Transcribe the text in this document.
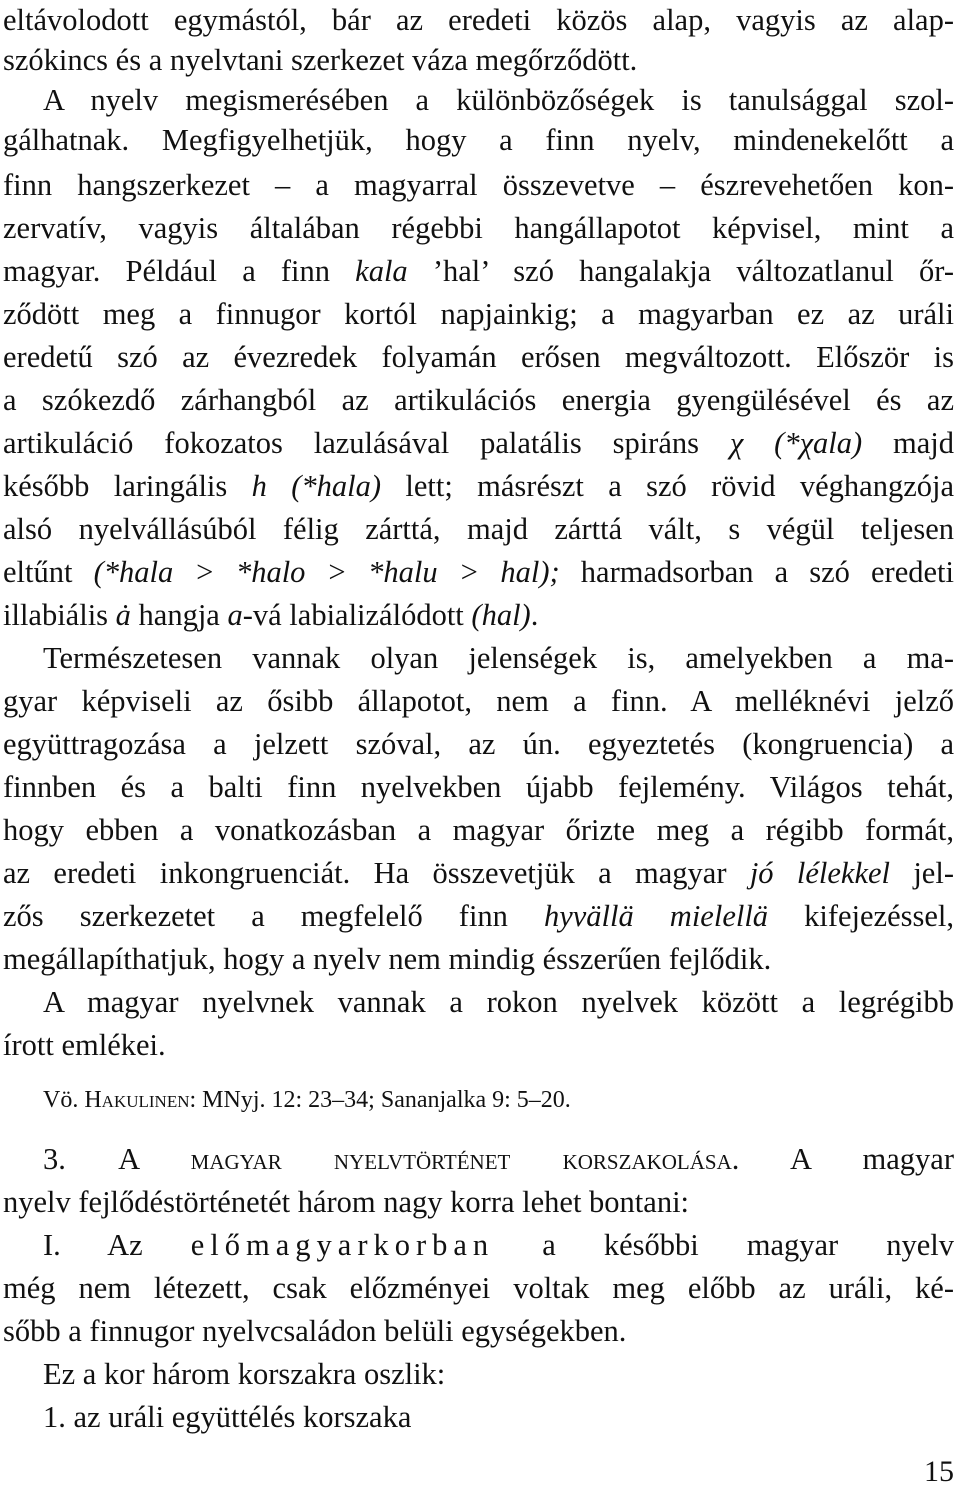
eltávolodott egymástól, bár az eredeti közös alap, vagyis az alap-
szókincs és a nyelvtani szerkezet váza megőrződött.
A nyelv megismerésében a különbözőségek is tanulsággal szol-
gálhatnak. Megfigyelhetjük, hogy a finn nyelv, mindenekelőtt a
finn hangszerkezet – a magyarral összevetve – észrevehetően kon-
zervatív, vagyis általában régebbi hangállapotot képvisel, mint a
magyar. Például a finn kala ’hal’ szó hangalakja változatlanul őr-
ződött meg a finnugor kortól napjainkig; a magyarban ez az uráli
eredetű szó az évezredek folyamán erősen megváltozott. Először is
a szókezdő zárhangból az artikulációs energia gyengülésével és az
artikuláció fokozatos lazulásával palatális spiráns χ (*χala) majd
később laringális h (*hala) lett; másrészt a szó rövid véghangzója
alsó nyelvállásúból félig zárttá, majd zárttá vált, s végül teljesen
eltűnt (*hala > *halo > *halu > hal); harmadsorban a szó eredeti
illabiális ȧ hangja a-vá labializálódott (hal).
Természetesen vannak olyan jelenségek is, amelyekben a ma-
gyar képviseli az ősibb állapotot, nem a finn. A melléknévi jelző
együttragozása a jelzett szóval, az ún. egyeztetés (kongruencia) a
finnben és a balti finn nyelvekben újabb fejlemény. Világos tehát,
hogy ebben a vonatkozásban a magyar őrizte meg a régibb formát,
az eredeti inkongruenciát. Ha összevetjük a magyar jó lélekkel jel-
zős szerkezetet a megfelelő finn hyvällä mielellä kifejezéssel,
megállapíthatjuk, hogy a nyelv nem mindig ésszerűen fejlődik.
A magyar nyelvnek vannak a rokon nyelvek között a legrégibb
írott emlékei.
Vö. Hakulinen: MNyj. 12: 23–34; Sananjalka 9: 5–20.
3. A magyar nyelvtörténet korszakolása. A magyar
nyelv fejlődéstörténetét három nagy korra lehet bontani:
I. Az előmagyarkorban a későbbi magyar nyelv
még nem létezett, csak előzményei voltak meg előbb az uráli, ké-
sőbb a finnugor nyelvcsaládon belüli egységekben.
Ez a kor három korszakra oszlik:
1. az uráli együttélés korszaka
15
